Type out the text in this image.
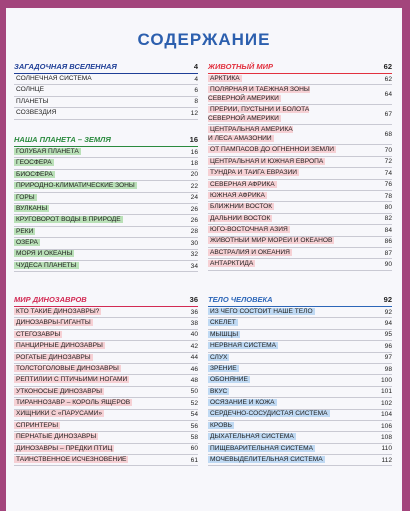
СОДЕРЖАНИЕ
ЗАГАДОЧНАЯ ВСЕЛЕННАЯ	4
СОЛНЕЧНАЯ СИСТЕМА	4
СОЛНЦЕ	6
ПЛАНЕТЫ	8
СОЗВЕЗДИЯ	12
НАША ПЛАНЕТА – ЗЕМЛЯ	16
ГОЛУБАЯ ПЛАНЕТА	16
ГЕОСФЕРА	18
БИОСФЕРА	20
ПРИРОДНО-КЛИМАТИЧЕСКИЕ ЗОНЫ	22
ГОРЫ	24
ВУЛКАНЫ	26
КРУГОВОРОТ ВОДЫ В ПРИРОДЕ	26
РЕКИ	28
ОЗЁРА	30
МОРЯ И ОКЕАНЫ	32
ЧУДЕСА ПЛАНЕТЫ	34
МИР ДИНОЗАВРОВ	36
КТО ТАКИЕ ДИНОЗАВРЫ?	36
ДИНОЗАВРЫ-ГИГАНТЫ	38
СТЕГОЗАВРЫ	40
ПАНЦИРНЫЕ ДИНОЗАВРЫ	42
РОГАТЫЕ ДИНОЗАВРЫ	44
ТОЛСТОГОЛОВЫЕ ДИНОЗАВРЫ	46
РЕПТИЛИИ С ПТИЧЬИМИ НОГАМИ	48
УТКОНОСЫЕ ДИНОЗАВРЫ	50
ТИРАННОЗАВР – КОРОЛЬ ЯЩЕРОВ	52
ХИЩНИКИ С «ПАРУСАМИ»	54
СПРИНТЕРЫ	56
ПЕРНАТЫЕ ДИНОЗАВРЫ	58
ДИНОЗАВРЫ – ПРЕДКИ ПТИЦ	60
ТАИНСТВЕННОЕ ИСЧЕЗНОВЕНИЕ	61
ЖИВОТНЫЙ МИР	62
АРКТИКА	62
ПОЛЯРНАЯ И ТАЁЖНАЯ ЗОНЫ
СЕВЕРНОЙ АМЕРИКИ	64
ПРЕРИИ, ПУСТЫНИ И БОЛОТА
СЕВЕРНОЙ АМЕРИКИ	67
ЦЕНТРАЛЬНАЯ АМЕРИКА
И ЛЕСА АМАЗОНИИ	68
ОТ ПАМПАСОВ ДО ОГНЕННОЙ ЗЕМЛИ	70
ЦЕНТРАЛЬНАЯ И ЮЖНАЯ ЕВРОПА	72
ТУНДРА И ТАЙГА ЕВРАЗИИ	74
СЕВЕРНАЯ АФРИКА	76
ЮЖНАЯ АФРИКА	78
БЛИЖНИЙ ВОСТОК	80
ДАЛЬНИЙ ВОСТОК	82
ЮГО-ВОСТОЧНАЯ АЗИЯ	84
ЖИВОТНЫЙ МИР МОРЕЙ И ОКЕАНОВ	86
АВСТРАЛИЯ И ОКЕАНИЯ	87
АНТАРКТИДА	90
ТЕЛО ЧЕЛОВЕКА	92
ИЗ ЧЕГО СОСТОИТ НАШЕ ТЕЛО	92
СКЕЛЕТ	94
МЫШЦЫ	95
НЕРВНАЯ СИСТЕМА	96
СЛУХ	97
ЗРЕНИЕ	98
ОБОНЯНИЕ	100
ВКУС	101
ОСЯЗАНИЕ И КОЖА	102
СЕРДЕЧНО-СОСУДИСТАЯ СИСТЕМА	104
КРОВЬ	106
ДЫХАТЕЛЬНАЯ СИСТЕМА	108
ПИЩЕВАРИТЕЛЬНАЯ СИСТЕМА	110
МОЧЕВЫДЕЛИТЕЛЬНАЯ СИСТЕМА	112
